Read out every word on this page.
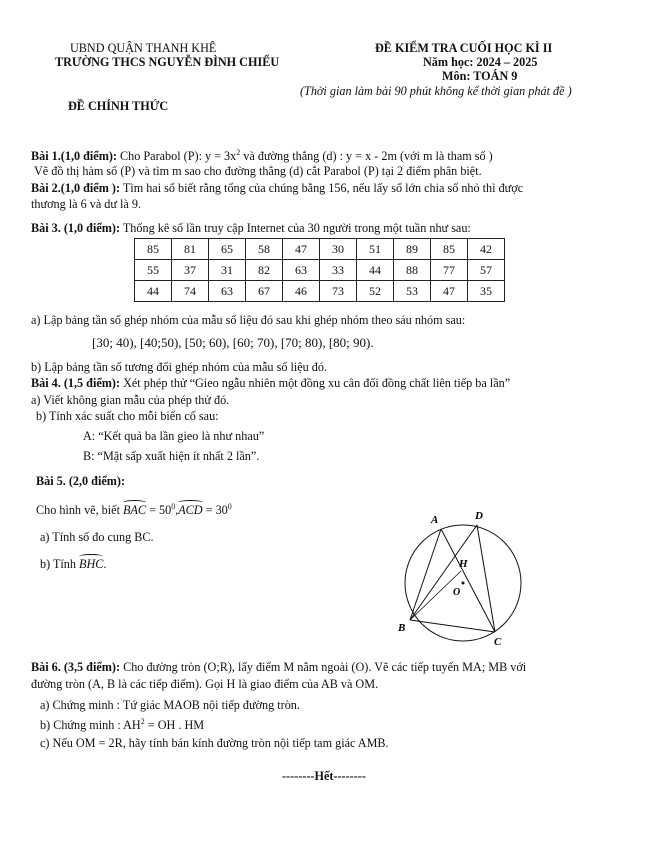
UBND QUẬN THANH KHÊ
TRƯỜNG THCS NGUYỄN ĐÌNH CHIỂU
ĐỀ CHÍNH THỨC
ĐỀ KIỂM TRA CUỐI HỌC KÌ II
Năm học: 2024 – 2025
Môn: TOÁN 9
(Thời gian làm bài 90 phút không kể thời gian phát đề )
Bài 1.(1,0 điểm): Cho Parabol (P): $y = 3x^2$ và đường thẳng (d) : y = x - 2m (với m là tham số )
Vẽ đồ thị hàm số (P) và tìm m sao cho đường thẳng (d) cắt Parabol (P) tại 2 điểm phân biệt.
Bài 2.(1,0 điểm ): Tìm hai số biết rằng tổng của chúng bằng 156, nếu lấy số lớn chia số nhỏ thì được
thương là 6 và dư là 9.
Bài 3. (1,0 điểm): Thống kê số lần truy cập Internet của 30 người trong một tuần như sau:
85	81	65	58	47	30	51	89	85	42
55	37	31	82	63	33	44	88	77	57
44	74	63	67	46	73	52	53	47	35
a) Lập bảng tần số ghép nhóm của mẫu số liệu đó sau khi ghép nhóm theo sáu nhóm sau:
[30; 40), [40;50), [50; 60), [60; 70), [70; 80), [80; 90).
b) Lập bảng tần số tương đối ghép nhóm của mẫu số liệu đó.
Bài 4. (1,5 điểm): Xét phép thử “Gieo ngẫu nhiên một đồng xu cân đối đồng chất liên tiếp ba lần”
a) Viết không gian mẫu của phép thử đó.
b) Tính xác suất cho mỗi biến cố sau:
A: “Kết quả ba lần gieo là như nhau”
B: “Mặt sấp xuất hiện ít nhất 2 lần”.
Bài 5. (2,0 điểm):
Cho hình vẽ, biết BAC = $50^0,ACD = 30^0$
a) Tính số đo cung BC.
b) Tính BHC.
A	D
H
O
B
C
Bài 6. (3,5 điểm): Cho đường tròn (O;R), lấy điểm M nằm ngoài (O). Vẽ các tiếp tuyến MA; MB với
đường tròn (A, B là các tiếp điểm). Gọi H là giao điểm của AB và OM.
a) Chứng minh : Tứ giác MAOB nội tiếp đường tròn.
b) Chứng minh : $AH^2$ = OH . HM
c) Nếu OM = 2R, hãy tính bán kính đường tròn nội tiếp tam giác AMB.
--------Hết--------
